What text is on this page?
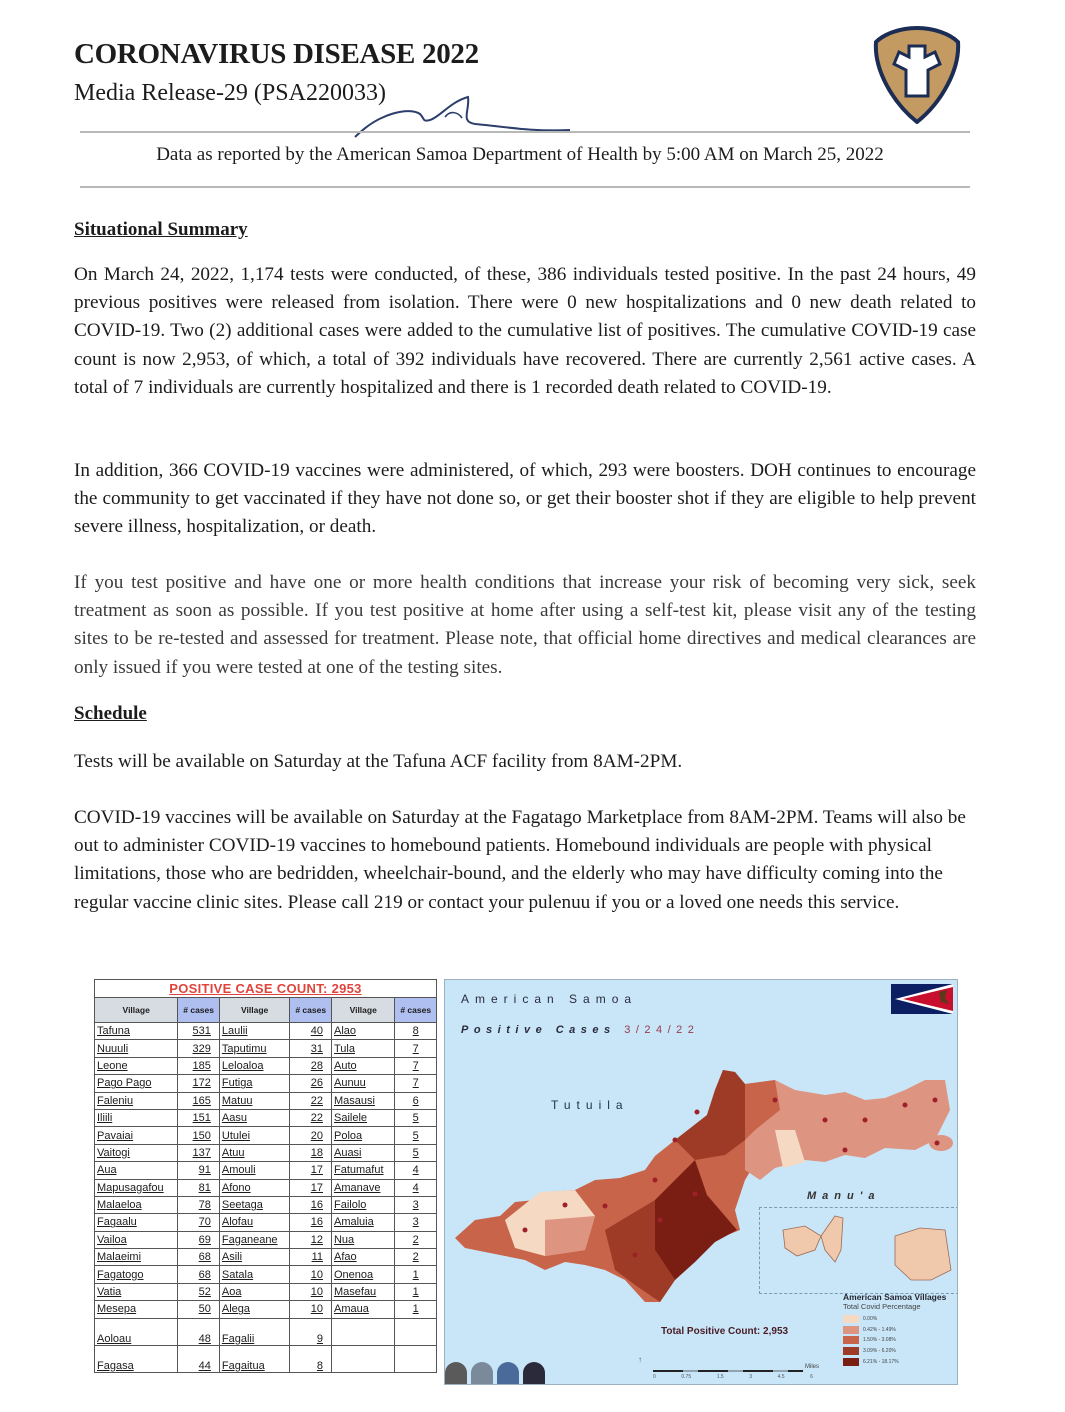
CORONAVIRUS DISEASE 2022
Media Release-29 (PSA220033)
Data as reported by the American Samoa Department of Health by 5:00 AM on March 25, 2022
Situational Summary
On March 24, 2022, 1,174 tests were conducted, of these, 386 individuals tested positive. In the past 24 hours, 49 previous positives were released from isolation. There were 0 new hospitalizations and 0 new death related to COVID-19. Two (2) additional cases were added to the cumulative list of positives. The cumulative COVID-19 case count is now 2,953, of which, a total of 392 individuals have recovered. There are currently 2,561 active cases. A total of 7 individuals are currently hospitalized and there is 1 recorded death related to COVID-19.
In addition, 366 COVID-19 vaccines were administered, of which, 293 were boosters. DOH continues to encourage the community to get vaccinated if they have not done so, or get their booster shot if they are eligible to help prevent severe illness, hospitalization, or death.
If you test positive and have one or more health conditions that increase your risk of becoming very sick, seek treatment as soon as possible. If you test positive at home after using a self-test kit, please visit any of the testing sites to be re-tested and assessed for treatment. Please note, that official home directives and medical clearances are only issued if you were tested at one of the testing sites.
Schedule
Tests will be available on Saturday at the Tafuna ACF facility from 8AM-2PM.
COVID-19 vaccines will be available on Saturday at the Fagatago Marketplace from 8AM-2PM. Teams will also be out to administer COVID-19 vaccines to homebound patients. Homebound individuals are people with physical limitations, those who are bedridden, wheelchair-bound, and the elderly who may have difficulty coming into the regular vaccine clinic sites. Please call 219 or contact your pulenuu if you or a loved one needs this service.
POSITIVE CASE COUNT: 2953					
Village	# cases	Village	# cases	Village	# cases
Tafuna	531	Laulii	40	Alao	8
Nuuuli	329	Taputimu	31	Tula	7
Leone	185	Leloaloa	28	Auto	7
Pago Pago	172	Futiga	26	Aunuu	7
Faleniu	165	Matuu	22	Masausi	6
Iliili	151	Aasu	22	Sailele	5
Pavaiai	150	Utulei	20	Poloa	5
Vaitogi	137	Atuu	18	Auasi	5
Aua	91	Amouli	17	Fatumafut	4
Mapusagafou	81	Afono	17	Amanave	4
Malaeloa	78	Seetaga	16	Failolo	3
Fagaalu	70	Alofau	16	Amaluia	3
Vailoa	69	Faganeane	12	Nua	2
Malaeimi	68	Asili	11	Afao	2
Fagatogo	68	Satala	10	Onenoa	1
Vatia	52	Aoa	10	Masefau	1
Mesepa	50	Alega	10	Amaua	1
Aoloau	48	Fagalii	9		
Fagasa	44	Fagaitua	8		
American Samoa
Positive Cases 3/24/22
Tutuila
Manu'a
Total Positive Count: 2,953
American Samoa Villages
Total Covid Percentage
0.00%
0.42% - 1.49%
1.50% - 3.08%
3.09% - 6.20%
6.21% - 18.17%
↑
Miles
0	0.75	1.5	3	4.5	6
